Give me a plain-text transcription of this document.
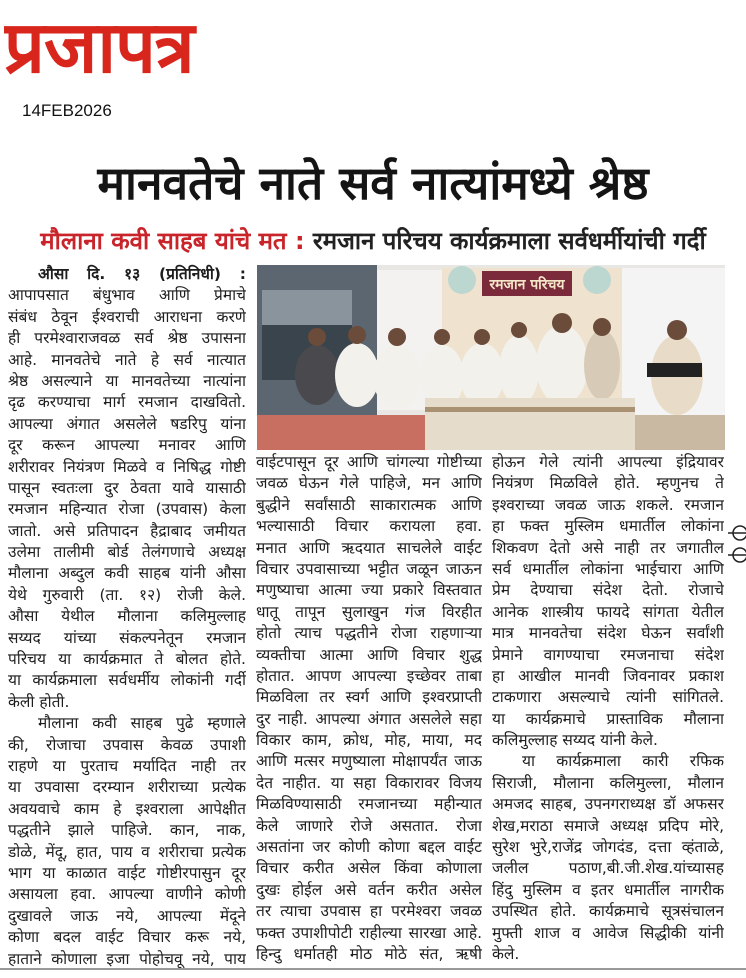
प्रजापत्र
14FEB2026
मानवतेचे नाते सर्व नात्यांमध्ये श्रेष्ठ
मौलाना कवी साहब यांचे मत : रमजान परिचय कार्यक्रमाला सर्वधर्मीयांची गर्दी
रमजान परिचय
औसा दि. १३ (प्रतिनिधी) :
आपापसात बंधुभाव आणि प्रेमाचे
संबंध ठेवून ईश्वराची आराधना करणे
ही परमेश्वाराजवळ सर्व श्रेष्ठ उपासना
आहे. मानवतेचे नाते हे सर्व नात्यात
श्रेष्ठ असल्याने या मानवतेच्या नात्यांना
दृढ करण्याचा मार्ग रमजान दाखवितो.
आपल्या अंगात असलेले षडरिपु यांना
दूर करून आपल्या मनावर आणि
शरीरावर नियंत्रण मिळवे व निषिद्ध गोष्टी
पासून स्वतःला दुर ठेवता यावे यासाठी
रमजान महिन्यात रोजा (उपवास) केला
जातो. असे प्रतिपादन हैद्राबाद जमीयत
उलेमा तालीमी बोर्ड तेलंगणाचे अध्यक्ष
मौलाना अब्दुल कवी साहब यांनी औसा
येथे गुरुवारी (ता. १२) रोजी केले.
औसा येथील मौलाना कलिमुल्लाह
सय्यद यांच्या संकल्पनेतून रमजान
परिचय या कार्यक्रमात ते बोलत होते.
या कार्यक्रमाला सर्वधर्मीय लोकांनी गर्दी
केली होती.
मौलाना कवी साहब पुढे म्हणाले
की, रोजाचा उपवास केवळ उपाशी
राहणे या पुरताच मर्यादित नाही तर
या उपवासा दरम्यान शरीराच्या प्रत्येक
अवयवाचे काम हे इश्वराला आपेक्षीत
पद्धतीने झाले पाहिजे. कान, नाक,
डोळे, मेंदू, हात, पाय व शरीराचा प्रत्येक
भाग या काळात वाईट गोष्टीरपासुन दूर
असायला हवा. आपल्या वाणीने कोणी
दुखावले जाऊ नये, आपल्या मेंदूने
कोणा बदल वाईट विचार करू नये,
हाताने कोणाला इजा पोहोचवू नये, पाय
वाईटपासून दूर आणि चांगल्या गोष्टीच्या
जवळ घेऊन गेले पाहिजे, मन आणि
बुद्धीने सर्वांसाठी साकारात्मक आणि
भल्यासाठी विचार करायला हवा.
मनात आणि ऋदयात साचलेले वाईट
विचार उपवासाच्या भट्टीत जळून जाऊन
मणुष्याचा आत्मा ज्या प्रकारे विस्तवात
धातू तापून सुलाखुन गंज विरहीत
होतो त्याच पद्धतीने रोजा राहणाऱ्या
व्यक्तीचा आत्मा आणि विचार शुद्ध
होतात. आपण आपल्या इच्छेवर ताबा
मिळविला तर स्वर्ग आणि इश्वरप्राप्ती
दुर नाही. आपल्या अंगात असलेले सहा
विकार काम, क्रोध, मोह, माया, मद
आणि मत्सर मणुष्याला मोक्षापर्यंत जाऊ
देत नाहीत. या सहा विकारावर विजय
मिळविण्यासाठी रमजानच्या महीन्यात
केले जाणारे रोजे असतात. रोजा
असतांना जर कोणी कोणा बद्दल वाईट
विचार करीत असेल किंवा कोणाला
दुखः होईल असे वर्तन करीत असेल
तर त्याचा उपवास हा परमेश्वरा जवळ
फक्त उपाशीपोटी राहील्या सारखा आहे.
हिन्दु धर्मातही मोठ मोठे संत, ऋषी
होऊन गेले त्यांनी आपल्या इंद्रियावर
नियंत्रण मिळविले होते. म्हणुनच ते
इश्वराच्या जवळ जाऊ शकले. रमजान
हा फक्त मुस्लिम धमार्तील लोकांना
शिकवण देतो असे नाही तर जगातील
सर्व धमार्तील लोकांना भाईचारा आणि
प्रेम देण्याचा संदेश देतो. रोजाचे
आनेक शास्त्रीय फायदे सांगता येतील
मात्र मानवतेचा संदेश घेऊन सर्वांशी
प्रेमाने वागण्याचा रमजनाचा संदेश
हा आखील मानवी जिवनावर प्रकाश
टाकणारा असल्याचे त्यांनी सांगितले.
या कार्यक्रमाचे प्रास्ताविक मौलाना
कलिमुल्लाह सय्यद यांनी केले.
या कार्यक्रमाला कारी रफिक
सिराजी, मौलाना कलिमुल्ला, मौलान
अमजद साहब, उपनगराध्यक्ष डॉ अफसर
शेख,मराठा समाजे अध्यक्ष प्रदिप मोरे,
सुरेश भुरे,राजेंद्र जोगदंड, दत्ता व्हंताळे,
जलील पठाण,बी.जी.शेख.यांच्यासह
हिंदु मुस्लिम व इतर धमार्तील नागरीक
उपस्थित होते. कार्यक्रमाचे सूत्रसंचालन
मुफ्ती शाज व आवेज सिद्धीकी यांनी
केले.
